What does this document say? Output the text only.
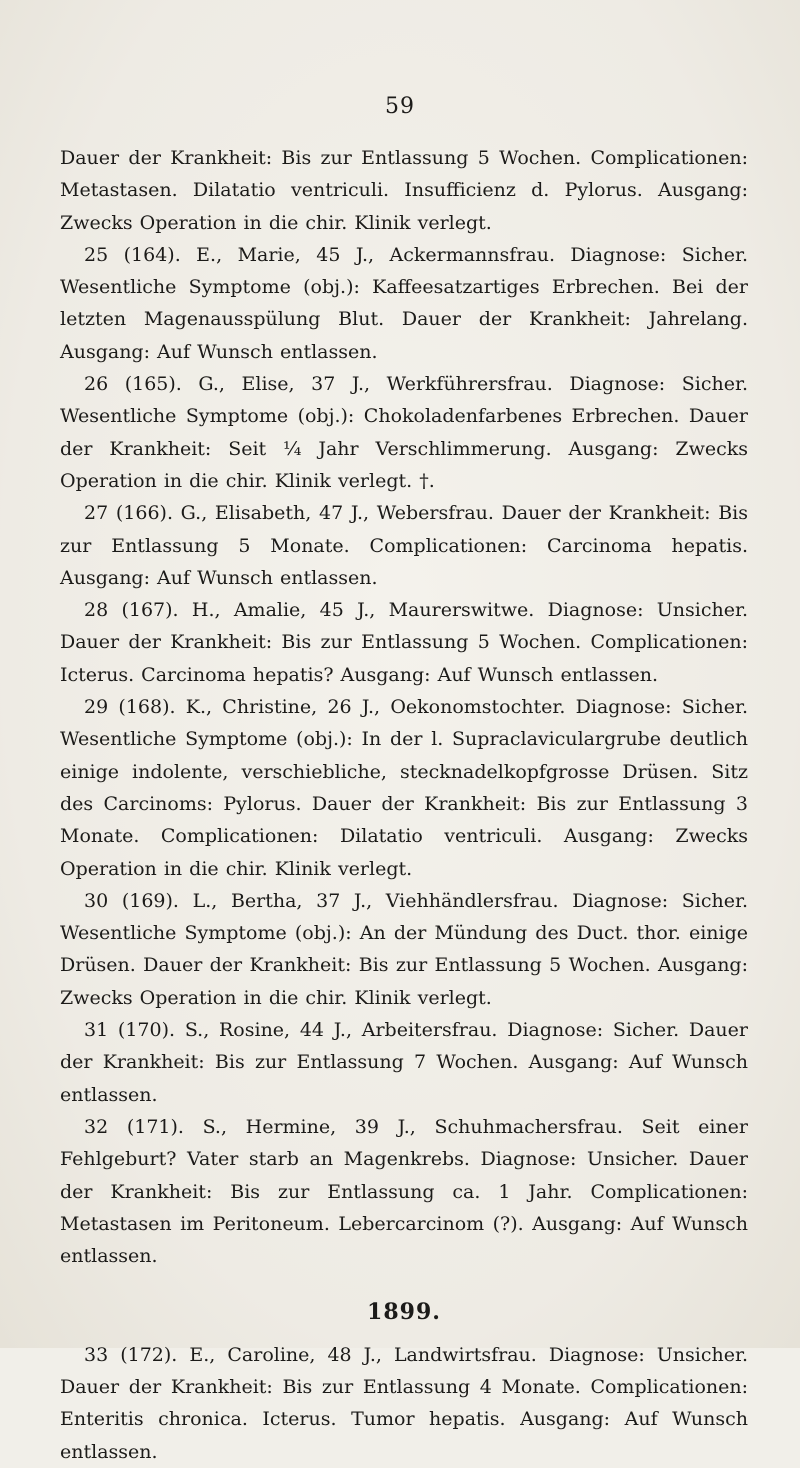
59

Dauer der Krankheit: Bis zur Entlassung 5 Wochen. Complicationen: Metastasen. Dilatatio ventriculi. Insufficienz d. Pylorus. Ausgang: Zwecks Operation in die chir. Klinik verlegt.

25 (164). E., Marie, 45 J., Ackermannsfrau. Diagnose: Sicher. Wesentliche Symptome (obj.): Kaffeesatzartiges Erbrechen. Bei der letzten Magenausspülung Blut. Dauer der Krankheit: Jahrelang. Ausgang: Auf Wunsch entlassen.

26 (165). G., Elise, 37 J., Werkführersfrau. Diagnose: Sicher. Wesentliche Symptome (obj.): Chokoladenfarbenes Erbrechen. Dauer der Krankheit: Seit ¼ Jahr Verschlimmerung. Ausgang: Zwecks Operation in die chir. Klinik verlegt. †.

27 (166). G., Elisabeth, 47 J., Webersfrau. Dauer der Krankheit: Bis zur Entlassung 5 Monate. Complicationen: Carcinoma hepatis. Ausgang: Auf Wunsch entlassen.

28 (167). H., Amalie, 45 J., Maurerswitwe. Diagnose: Unsicher. Dauer der Krankheit: Bis zur Entlassung 5 Wochen. Complicationen: Icterus. Carcinoma hepatis? Ausgang: Auf Wunsch entlassen.

29 (168). K., Christine, 26 J., Oekonomstochter. Diagnose: Sicher. Wesentliche Symptome (obj.): In der l. Supraclaviculargrube deutlich einige indolente, verschiebliche, stecknadelkopfgrosse Drüsen. Sitz des Carcinoms: Pylorus. Dauer der Krankheit: Bis zur Entlassung 3 Monate. Complicationen: Dilatatio ventriculi. Ausgang: Zwecks Operation in die chir. Klinik verlegt.

30 (169). L., Bertha, 37 J., Viehhändlersfrau. Diagnose: Sicher. Wesentliche Symptome (obj.): An der Mündung des Duct. thor. einige Drüsen. Dauer der Krankheit: Bis zur Entlassung 5 Wochen. Ausgang: Zwecks Operation in die chir. Klinik verlegt.

31 (170). S., Rosine, 44 J., Arbeitersfrau. Diagnose: Sicher. Dauer der Krankheit: Bis zur Entlassung 7 Wochen. Ausgang: Auf Wunsch entlassen.

32 (171). S., Hermine, 39 J., Schuhmachersfrau. Seit einer Fehlgeburt? Vater starb an Magenkrebs. Diagnose: Unsicher. Dauer der Krankheit: Bis zur Entlassung ca. 1 Jahr. Complicationen: Metastasen im Peritoneum. Lebercarcinom (?). Ausgang: Auf Wunsch entlassen.

1899.

33 (172). E., Caroline, 48 J., Landwirtsfrau. Diagnose: Unsicher. Dauer der Krankheit: Bis zur Entlassung 4 Monate. Complicationen: Enteritis chronica. Icterus. Tumor hepatis. Ausgang: Auf Wunsch entlassen.
